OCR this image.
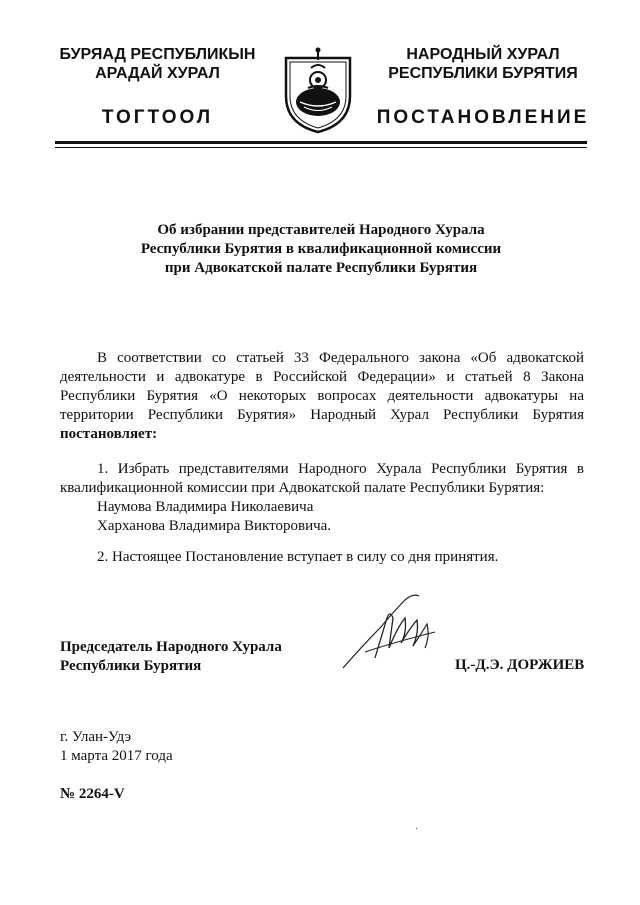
БУРЯАД РЕСПУБЛИКЫН
АРАДАЙ ХУРАЛ
ТОГТООЛ
НАРОДНЫЙ ХУРАЛ
РЕСПУБЛИКИ БУРЯТИЯ
ПОСТАНОВЛЕНИЕ
Об избрании представителей Народного Хурала
Республики Бурятия в квалификационной комиссии
при Адвокатской палате Республики Бурятия
В соответствии со статьей 33 Федерального закона «Об адвокатской деятельности и адвокатуре в Российской Федерации» и статьей 8 Закона Республики Бурятия «О некоторых вопросах деятельности адвокатуры на территории Республики Бурятия» Народный Хурал Республики Бурятия постановляет:
1. Избрать представителями Народного Хурала Республики Бурятия в квалификационной комиссии при Адвокатской палате Республики Бурятия:
Наумова Владимира Николаевича
Харханова Владимира Викторовича.
2. Настоящее Постановление вступает в силу со дня принятия.
Председатель Народного Хурала
Республики Бурятия	Ц.-Д.Э. ДОРЖИЕВ
г. Улан-Удэ
1 марта 2017 года
№ 2264-V
·
